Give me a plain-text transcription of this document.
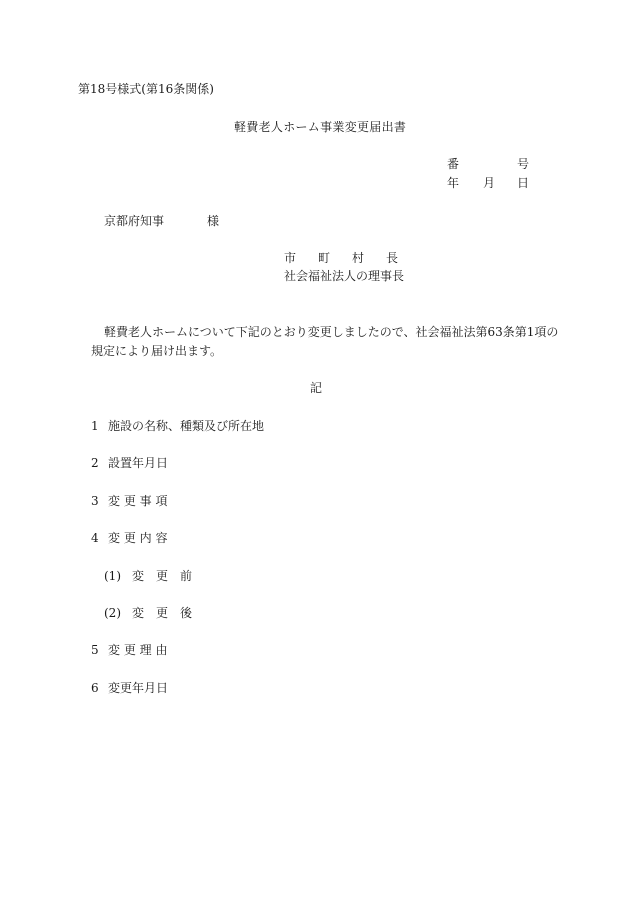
第18号様式(第16条関係)
軽費老人ホーム事業変更届出書
番	号
年 月 日
京都府知事	様
市 町 村 長
社会福祉法人の理事長
軽費老人ホームについて下記のとおり変更しましたので、社会福祉法第63条第1項の
規定により届け出ます。
記
1 施設の名称、種類及び所在地
2 設置年月日
3 変 更 事 項
4 変 更 内 容
(1) 変　更　前
(2) 変　更　後
5 変 更 理 由
6 変更年月日
